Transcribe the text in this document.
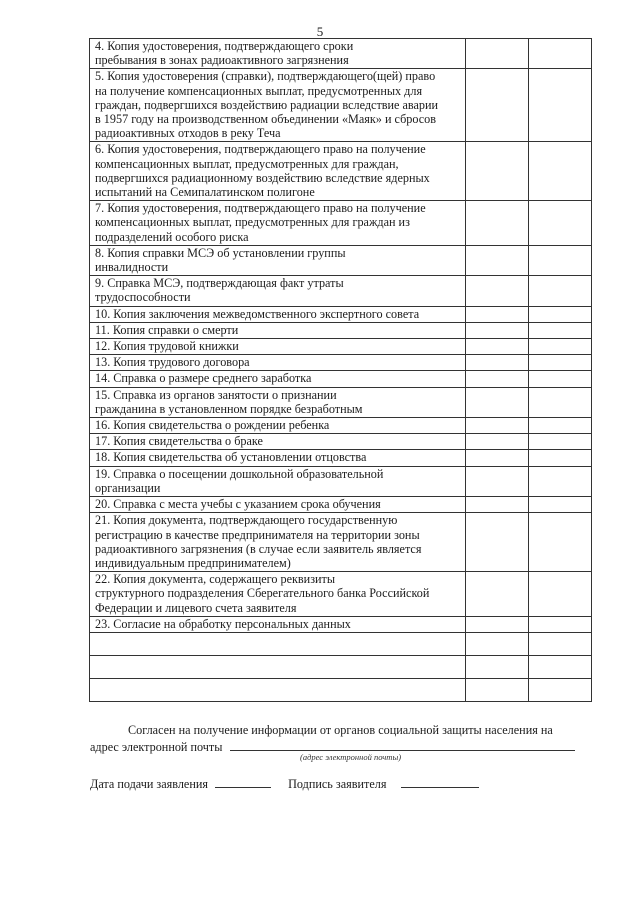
5
4. Копия удостоверения, подтверждающего сроки
пребывания в зонах радиоактивного загрязнения		

5. Копия удостоверения (справки), подтверждающего(щей) право
на получение компенсационных выплат, предусмотренных для
граждан, подвергшихся воздействию радиации вследствие аварии
в 1957 году на производственном объединении «Маяк» и сбросов
радиоактивных отходов в реку Теча		

6. Копия удостоверения, подтверждающего право на получение
компенсационных выплат, предусмотренных для граждан,
подвергшихся радиационному воздействию вследствие ядерных
испытаний на Семипалатинском полигоне		

7. Копия удостоверения, подтверждающего право на получение
компенсационных выплат, предусмотренных для граждан из
подразделений особого риска		

8. Копия справки МСЭ об установлении группы
инвалидности		

9. Справка МСЭ, подтверждающая факт утраты
трудоспособности		

10. Копия заключения межведомственного экспертного совета		

11. Копия справки о смерти		

12. Копия трудовой книжки		

13. Копия трудового договора		

14. Справка о размере среднего заработка		

15. Справка из органов занятости о признании
гражданина в установленном порядке безработным		

16. Копия свидетельства о рождении ребенка		

17. Копия свидетельства о браке		

18. Копия свидетельства об установлении отцовства		

19. Справка о посещении дошкольной образовательной
организации		

20. Справка с места учебы с указанием срока обучения		

21. Копия документа, подтверждающего государственную
регистрацию в качестве предпринимателя на территории зоны
радиоактивного загрязнения (в случае если заявитель является
индивидуальным предпринимателем)		

22. Копия документа, содержащего реквизиты
структурного подразделения Сберегательного банка Российской
Федерации и лицевого счета заявителя		

23. Согласие на обработку персональных данных		

Согласен на получение информации от органов социальной защиты населения на
адрес электронной почты
(адрес электронной почты)
Дата подачи заявления	Подпись заявителя
